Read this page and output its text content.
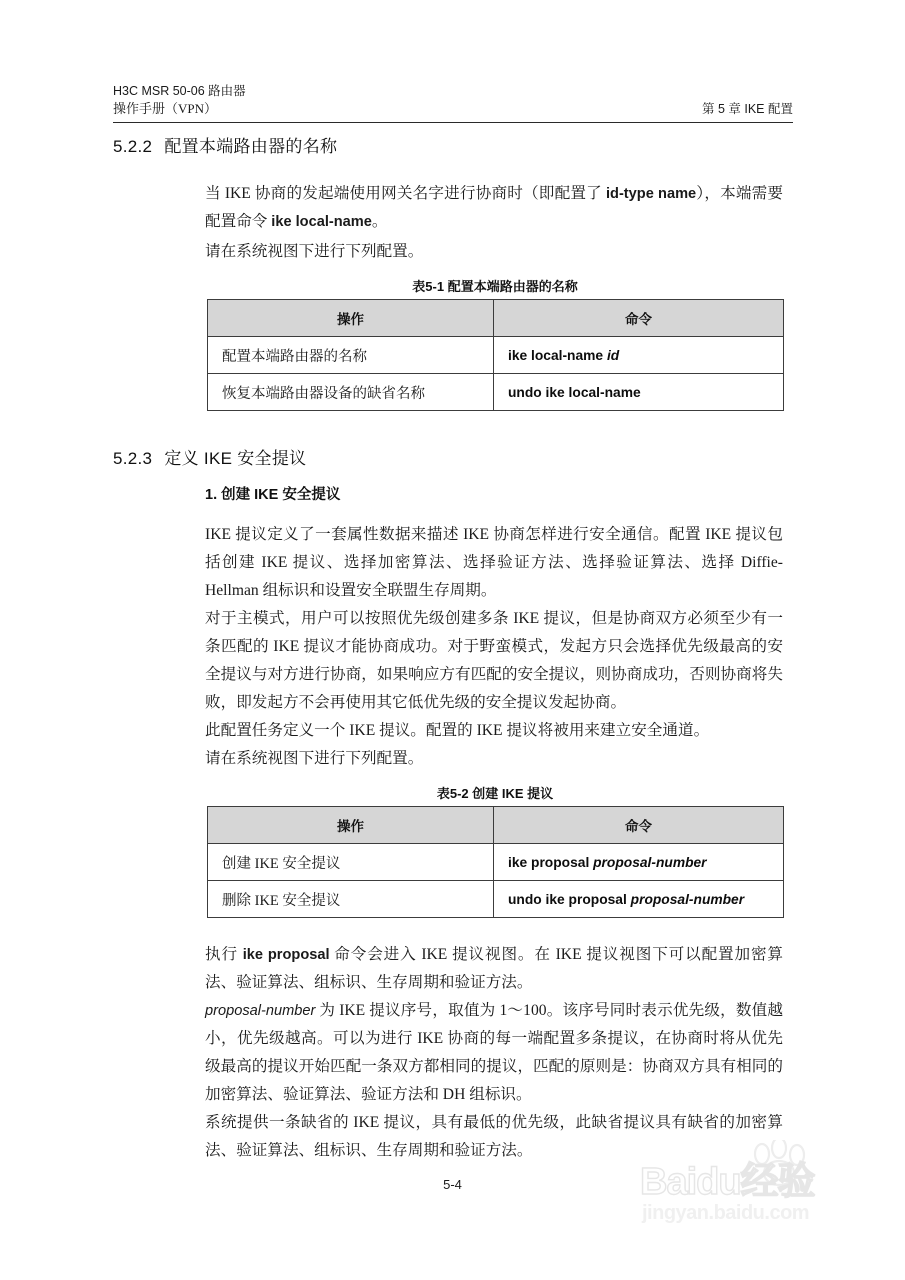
H3C MSR 50-06 路由器
操作手册（VPN）	第 5 章 IKE 配置
5.2.2 配置本端路由器的名称
当 IKE 协商的发起端使用网关名字进行协商时（即配置了 id-type name），本端需要配置命令 ike local-name。
请在系统视图下进行下列配置。
表5-1 配置本端路由器的名称
操作	命令
配置本端路由器的名称	ike local-name id
恢复本端路由器设备的缺省名称	undo ike local-name
5.2.3 定义 IKE 安全提议
1. 创建 IKE 安全提议
IKE 提议定义了一套属性数据来描述 IKE 协商怎样进行安全通信。配置 IKE 提议包括创建 IKE 提议、选择加密算法、选择验证方法、选择验证算法、选择 Diffie-Hellman 组标识和设置安全联盟生存周期。
对于主模式，用户可以按照优先级创建多条 IKE 提议，但是协商双方必须至少有一条匹配的 IKE 提议才能协商成功。对于野蛮模式，发起方只会选择优先级最高的安全提议与对方进行协商，如果响应方有匹配的安全提议，则协商成功，否则协商将失败，即发起方不会再使用其它低优先级的安全提议发起协商。
此配置任务定义一个 IKE 提议。配置的 IKE 提议将被用来建立安全通道。
请在系统视图下进行下列配置。
表5-2 创建 IKE 提议
操作	命令
创建 IKE 安全提议	ike proposal proposal-number
删除 IKE 安全提议	undo ike proposal proposal-number
执行 ike proposal 命令会进入 IKE 提议视图。在 IKE 提议视图下可以配置加密算法、验证算法、组标识、生存周期和验证方法。
proposal-number 为 IKE 提议序号，取值为 1～100。该序号同时表示优先级，数值越小，优先级越高。可以为进行 IKE 协商的每一端配置多条提议，在协商时将从优先级最高的提议开始匹配一条双方都相同的提议，匹配的原则是：协商双方具有相同的加密算法、验证算法、验证方法和 DH 组标识。
系统提供一条缺省的 IKE 提议，具有最低的优先级，此缺省提议具有缺省的加密算法、验证算法、组标识、生存周期和验证方法。
5-4	Baidu经验
jingyan.baidu.com
